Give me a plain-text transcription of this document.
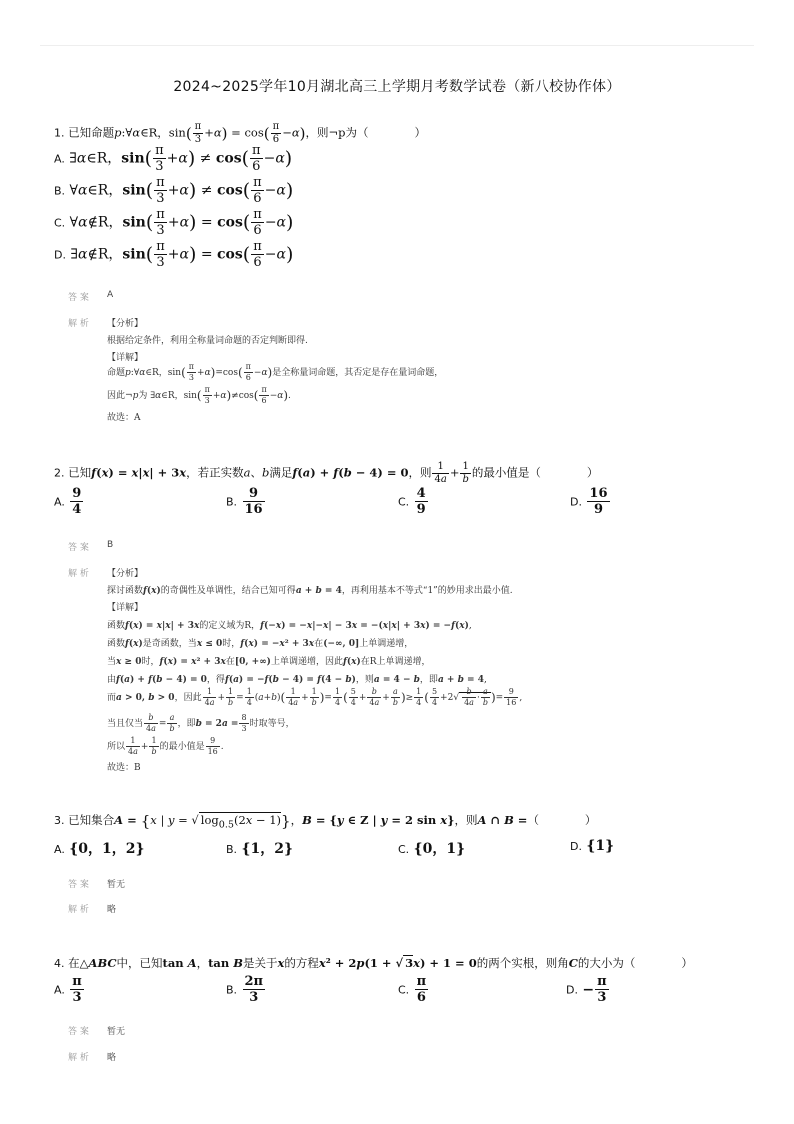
2024~2025学年10月湖北高三上学期月考数学试卷（新八校协作体）
1. 已知命题p:∀α∈R，$\sin( \frac{\pi}{3} +\alpha) = \cos( \frac{\pi}{6} -\alpha)$，则¬p为（　　　　）
A. ∃α∈R，$\sin( \frac{\pi}{3} +\alpha) \ne \cos( \frac{\pi}{6} -\alpha)$
B. ∀α∈R，$\sin( \frac{\pi}{3} +\alpha) \ne \cos( \frac{\pi}{6} -\alpha)$
C. ∀α∉R，$\sin( \frac{\pi}{3} +\alpha) = \cos( \frac{\pi}{6} -\alpha)$
D. ∃α∉R，$\sin( \frac{\pi}{3} +\alpha) = \cos( \frac{\pi}{6} -\alpha)$
答 案 A
解 析 【分析】
根据给定条件，利用全称量词命题的否定判断即得.
【详解】
命题p:∀α∈R，$\sin( \frac{\pi}{3} +\alpha)=\cos( \frac{\pi}{6} -\alpha)$是全称量词命题，其否定是存在量词命题，
因此¬p为 ∃α∈R，$\sin( \frac{\pi}{3} +\alpha)\ne\cos( \frac{\pi}{6} -\alpha)$.
故选：A
2. 已知f(x) = x|x| + 3x，若正实数a、b满足f(a) + f(b − 4) = 0，则 $\frac{1}{4a} + \frac{1}{b}$ 的最小值是（　　　　）
A. $\frac{9}{4}$	B. $\frac{9}{16}$	C. $\frac{4}{9}$	D. $\frac{16}{9}$
答 案 B
解 析 【分析】
探讨函数f(x)的奇偶性及单调性，结合已知可得a + b = 4，再利用基本不等式“1”的妙用求出最小值.
【详解】
函数f(x) = x|x| + 3x的定义域为R，f(−x) = −x|−x| − 3x = −(x|x| + 3x) = −f(x),
函数f(x)是奇函数，当x ≤ 0时，f(x) = −x² + 3x在(−∞, 0]上单调递增，
当x ≥ 0时，f(x) = x² + 3x在[0, +∞)上单调递增，因此f(x)在R上单调递增，
由f(a) + f(b − 4) = 0，得f(a) = −f(b − 4) = f(4 − b)，则a = 4 − b，即a + b = 4,
而a > 0, b > 0，因此 $\frac{1}{4a} + \frac{1}{b} = \frac{1}{4} (a+b)( \frac{1}{4a} + \frac{1}{b}$ )= $\frac{1}{4}$ ( $\frac{5}{4} + \frac{b}{4a} + \frac{a}{b}$ )≥ $\frac{1}{4}$ ( $\frac{5}{4} +2√ \frac{b}{4a} \cdot \frac{a}{b}$ )= $\frac{9}{16}$ ,
当且仅当 $\frac{b}{4a} = \frac{a}{b}$ ，即$b = 2a = \frac{8}{3}$ 时取等号，
所以 $\frac{1}{4a} + \frac{1}{b}$ 的最小值是 $\frac{9}{16}$ .
故选：B
3. 已知集合A = {x | y = √ $\log_{0.5}(2x - 1)$}，B = {y ∈ Z | y = 2 sin x}，则A ∩ B =（　　　　）
A. {0，1，2}	B. {1，2}	C. {0，1}	D. {1}
答 案 暂无
解 析 略
4. 在△ABC中，已知tan A，tan B是关于x的方程x² + 2p(1 + √ 3x) + 1 = 0的两个实根，则角C的大小为（　　　　）
A. $\frac{\pi}{3}$	B. $\frac{2\pi}{3}$	C. $\frac{\pi}{6}$	D. − $\frac{\pi}{3}$
答 案 暂无
解 析 略
